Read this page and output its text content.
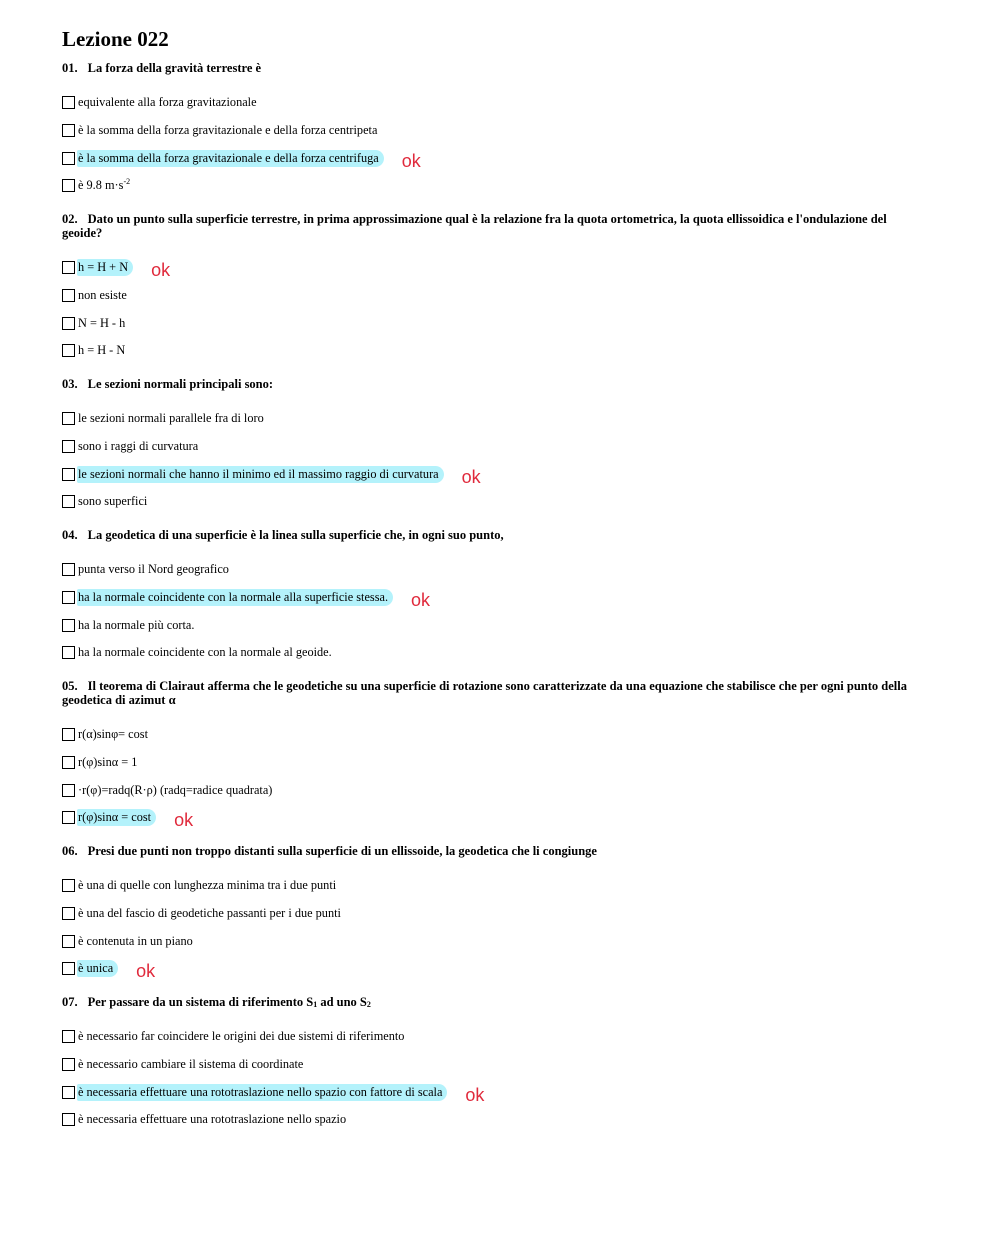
Lezione 022

01. La forza della gravità terrestre è

equivalente alla forza gravitazionale
è la somma della forza gravitazionale e della forza centripeta
è la somma della forza gravitazionale e della forza centrifuga ok
è 9.8 $m\cdot s^{-2}$

02. Dato un punto sulla superficie terrestre, in prima approssimazione qual è la relazione fra la quota ortometrica, la quota ellissoidica e l'ondulazione del geoide?

h = H + N ok
non esiste
N = H - h
h = H - N

03. Le sezioni normali principali sono:

le sezioni normali parallele fra di loro
sono i raggi di curvatura
le sezioni normali che hanno il minimo ed il massimo raggio di curvatura ok
sono superfici

04. La geodetica di una superficie è la linea sulla superficie che, in ogni suo punto,

punta verso il Nord geografico
ha la normale coincidente con la normale alla superficie stessa. ok
ha la normale più corta.
ha la normale coincidente con la normale al geoide.

05. Il teorema di Clairaut afferma che le geodetiche su una superficie di rotazione sono caratterizzate da una equazione che stabilisce che per ogni punto della geodetica di azimut α

r(α)sinφ= cost
r(φ)sinα = 1
·r(φ)=radq(R·ρ) (radq=radice quadrata)
r(φ)sinα = cost ok

06. Presi due punti non troppo distanti sulla superficie di un ellissoide, la geodetica che li congiunge

è una di quelle con lunghezza minima tra i due punti
è una del fascio di geodetiche passanti per i due punti
è contenuta in un piano
è unica ok

07. Per passare da un sistema di riferimento $S_1$ ad uno $S_2$

è necessario far coincidere le origini dei due sistemi di riferimento
è necessario cambiare il sistema di coordinate
è necessaria effettuare una rototraslazione nello spazio con fattore di scala ok
è necessaria effettuare una rototraslazione nello spazio
